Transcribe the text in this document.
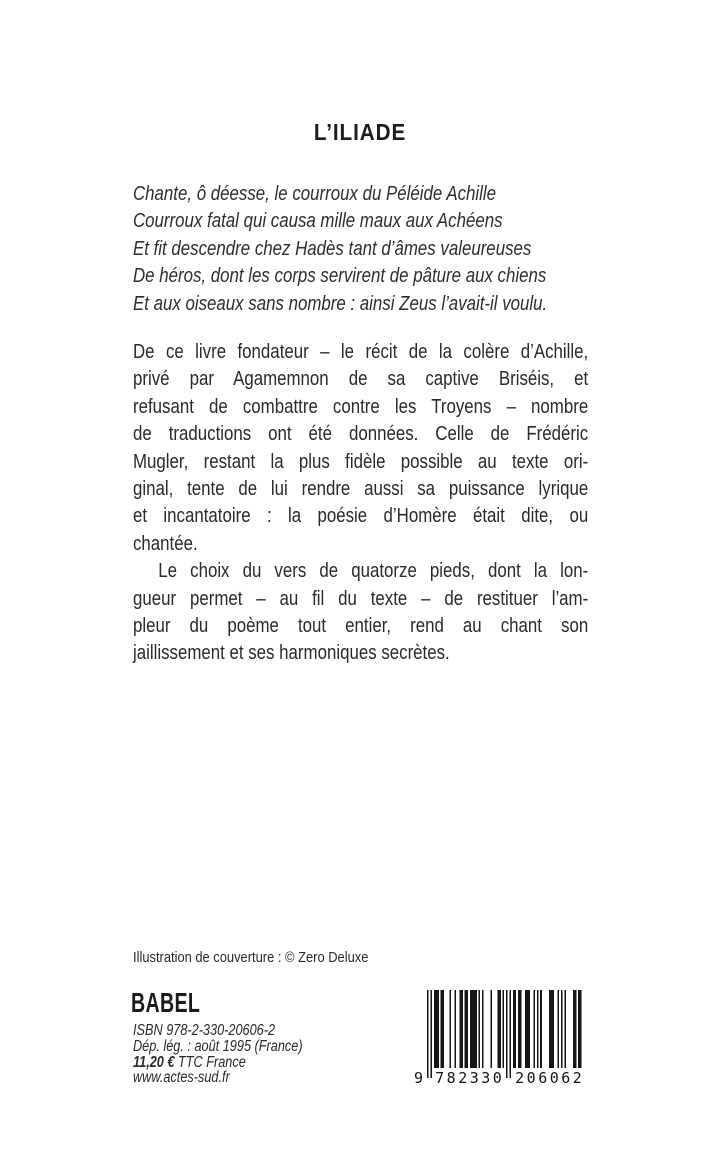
L’ILIADE
Chante, ô déesse, le courroux du Péléide Achille
Courroux fatal qui causa mille maux aux Achéens
Et fit descendre chez Hadès tant d’âmes valeureuses
De héros, dont les corps servirent de pâture aux chiens
Et aux oiseaux sans nombre : ainsi Zeus l’avait-il voulu.
De ce livre fondateur – le récit de la colère d’Achille,
privé par Agamemnon de sa captive Briséis, et
refusant de combattre contre les Troyens – nombre
de traductions ont été données. Celle de Frédéric
Mugler, restant la plus fidèle possible au texte ori-
ginal, tente de lui rendre aussi sa puissance lyrique
et incantatoire : la poésie d’Homère était dite, ou
chantée.
Le choix du vers de quatorze pieds, dont la lon-
gueur permet – au fil du texte – de restituer l’am-
pleur du poème tout entier, rend au chant son
jaillissement et ses harmoniques secrètes.
Illustration de couverture : © Zero Deluxe
BABEL
ISBN 978-2-330-20606-2
Dép. lég. : août 1995 (France)
11,20 € TTC France
www.actes-sud.fr	9 782330 206062
